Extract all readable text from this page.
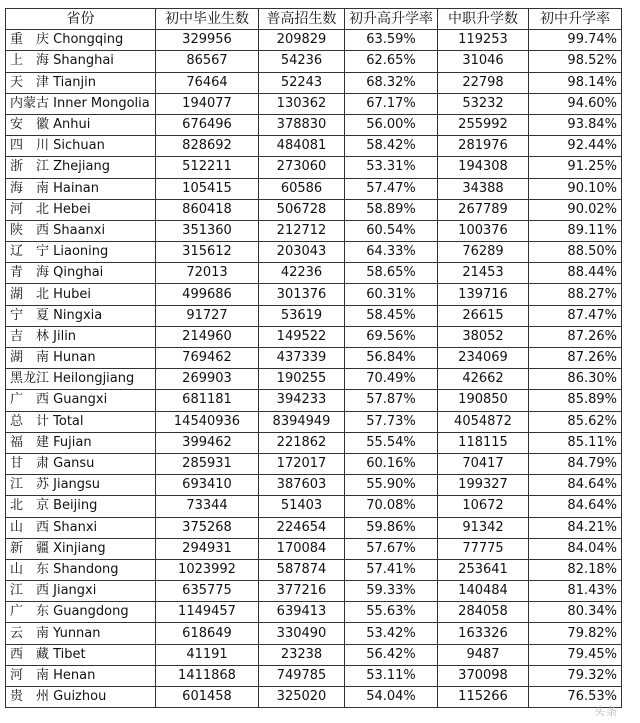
省份	初中毕业生数	普高招生数	初升高升学率	中职升学数	初中升学率
重　庆 Chongqing	329956	209829	63.59%	119253	99.74%
上　海 Shanghai	86567	54236	62.65%	31046	98.52%
天　津 Tianjin	76464	52243	68.32%	22798	98.14%
内蒙古 Inner Mongolia	194077	130362	67.17%	53232	94.60%
安　徽 Anhui	676496	378830	56.00%	255992	93.84%
四　川 Sichuan	828692	484081	58.42%	281976	92.44%
浙　江 Zhejiang	512211	273060	53.31%	194308	91.25%
海　南 Hainan	105415	60586	57.47%	34388	90.10%
河　北 Hebei	860418	506728	58.89%	267789	90.02%
陕　西 Shaanxi	351360	212712	60.54%	100376	89.11%
辽　宁 Liaoning	315612	203043	64.33%	76289	88.50%
青　海 Qinghai	72013	42236	58.65%	21453	88.44%
湖　北 Hubei	499686	301376	60.31%	139716	88.27%
宁　夏 Ningxia	91727	53619	58.45%	26615	87.47%
吉　林 Jilin	214960	149522	69.56%	38052	87.26%
湖　南 Hunan	769462	437339	56.84%	234069	87.26%
黑龙江 Heilongjiang	269903	190255	70.49%	42662	86.30%
广　西 Guangxi	681181	394233	57.87%	190850	85.89%
总　计 Total	14540936	8394949	57.73%	4054872	85.62%
福　建 Fujian	399462	221862	55.54%	118115	85.11%
甘　肃 Gansu	285931	172017	60.16%	70417	84.79%
江　苏 Jiangsu	693410	387603	55.90%	199327	84.64%
北　京 Beijing	73344	51403	70.08%	10672	84.64%
山　西 Shanxi	375268	224654	59.86%	91342	84.21%
新　疆 Xinjiang	294931	170084	57.67%	77775	84.04%
山　东 Shandong	1023992	587874	57.41%	253641	82.18%
江　西 Jiangxi	635775	377216	59.33%	140484	81.43%
广　东 Guangdong	1149457	639413	55.63%	284058	80.34%
云　南 Yunnan	618649	330490	53.42%	163326	79.82%
西　藏 Tibet	41191	23238	56.42%	9487	79.45%
河　南 Henan	1411868	749785	53.11%	370098	79.32%
贵　州 Guizhou	601458	325020	54.04%	115266	76.53%
头条
